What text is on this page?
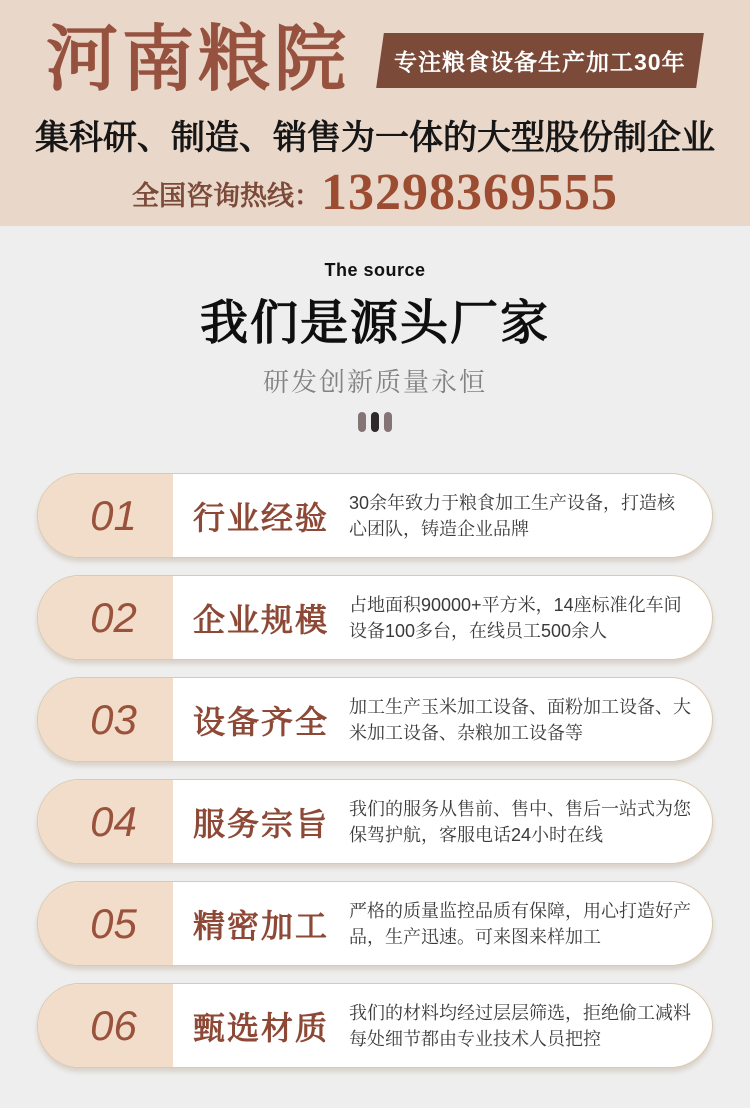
河南粮院	专注粮食设备生产加工30年
集科研、制造、销售为一体的大型股份制企业
全国咨询热线： 13298369555
The source
我们是源头厂家
研发创新质量永恒
01 行业经验	30余年致力于粮食加工生产设备，打造核心团队，铸造企业品牌
02 企业规模	占地面积90000+平方米，14座标准化车间设备100多台，在线员工500余人
03 设备齐全	加工生产玉米加工设备、面粉加工设备、大米加工设备、杂粮加工设备等
04 服务宗旨	我们的服务从售前、售中、售后一站式为您保驾护航，客服电话24小时在线
05 精密加工	严格的质量监控品质有保障，用心打造好产品，生产迅速。可来图来样加工
06 甄选材质	我们的材料均经过层层筛选，拒绝偷工减料每处细节都由专业技术人员把控
